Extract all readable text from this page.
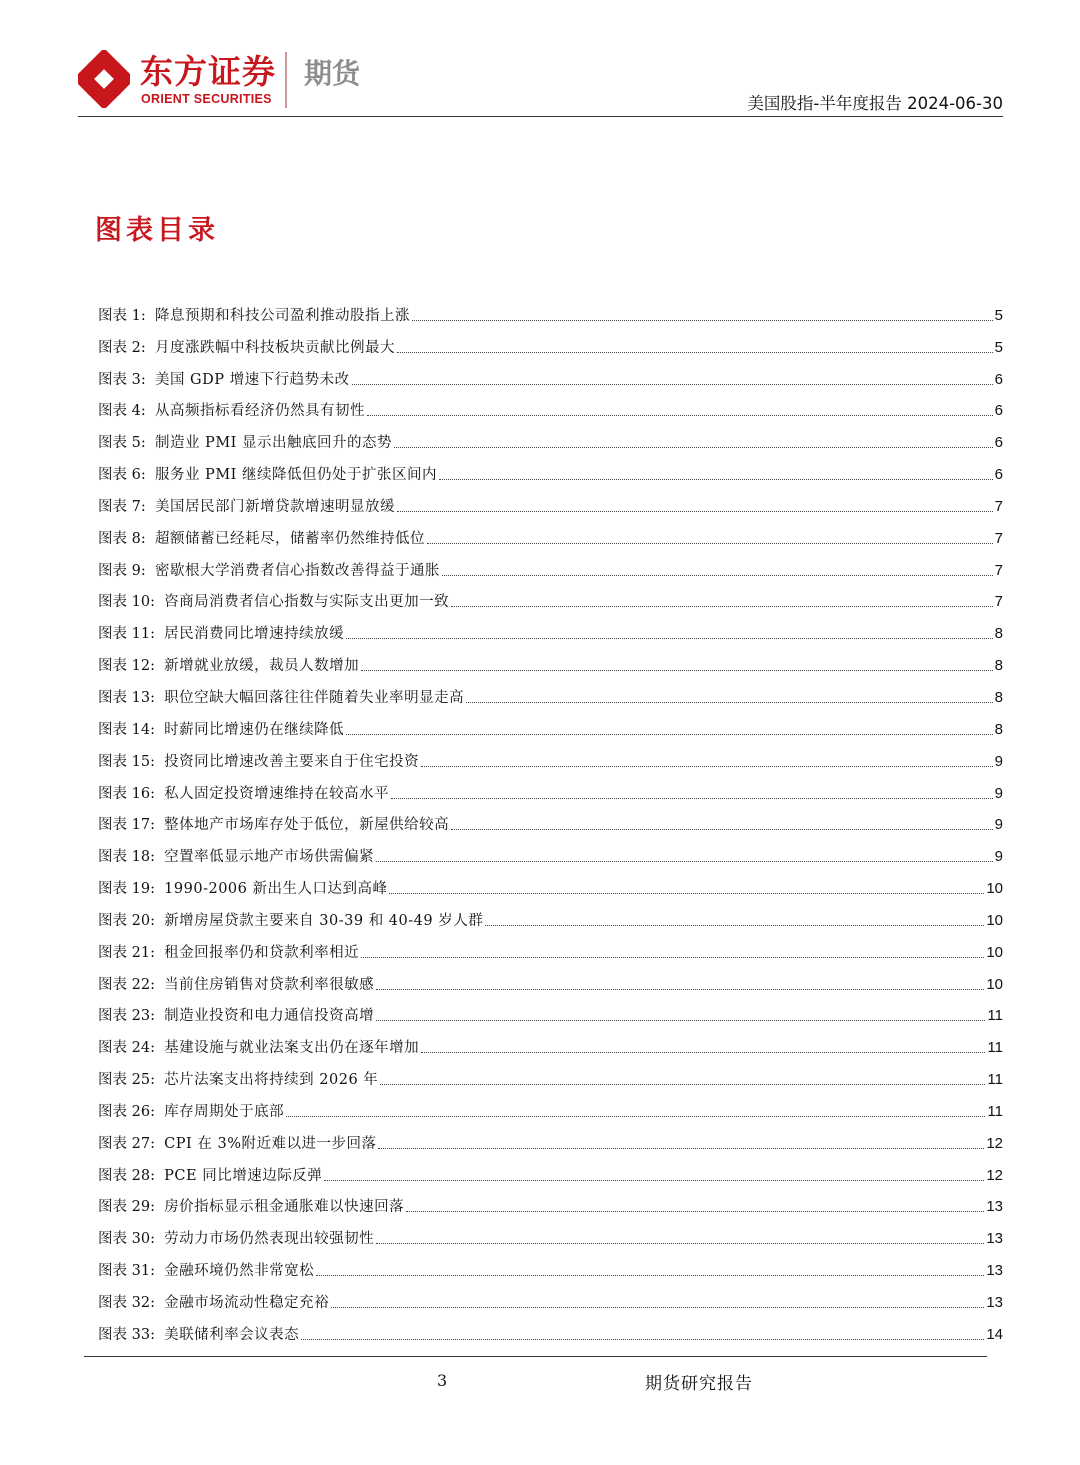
东方证券
ORIENT SECURITIES
期货
美国股指-半年度报告 2024-06-30
图表目录
图表 1 : 降息预期和科技公司盈利推动股指上涨	5
图表 2 : 月度涨跌幅中科技板块贡献比例最大	5
图表 3 : 美国 GDP 增速下行趋势未改	6
图表 4 : 从高频指标看经济仍然具有韧性	6
图表 5 : 制造业 PMI 显示出触底回升的态势	6
图表 6 : 服务业 PMI 继续降低但仍处于扩张区间内	6
图表 7 : 美国居民部门新增贷款增速明显放缓	7
图表 8 : 超额储蓄已经耗尽，储蓄率仍然维持低位	7
图表 9 : 密歇根大学消费者信心指数改善得益于通胀	7
图表 10 : 咨商局消费者信心指数与实际支出更加一致	7
图表 11 : 居民消费同比增速持续放缓	8
图表 12 : 新增就业放缓，裁员人数增加	8
图表 13 : 职位空缺大幅回落往往伴随着失业率明显走高	8
图表 14 : 时薪同比增速仍在继续降低	8
图表 15 : 投资同比增速改善主要来自于住宅投资	9
图表 16 : 私人固定投资增速维持在较高水平	9
图表 17 : 整体地产市场库存处于低位，新屋供给较高	9
图表 18 : 空置率低显示地产市场供需偏紧	9
图表 19 : 1990-2006 新出生人口达到高峰	10
图表 20 : 新增房屋贷款主要来自 30-39 和 40-49 岁人群	10
图表 21 : 租金回报率仍和贷款利率相近	10
图表 22 : 当前住房销售对贷款利率很敏感	10
图表 23 : 制造业投资和电力通信投资高增	11
图表 24 : 基建设施与就业法案支出仍在逐年增加	11
图表 25 : 芯片法案支出将持续到 2026 年	11
图表 26 : 库存周期处于底部	11
图表 27 : CPI 在 3%附近难以进一步回落	12
图表 28 : PCE 同比增速边际反弹	12
图表 29 : 房价指标显示租金通胀难以快速回落	13
图表 30 : 劳动力市场仍然表现出较强韧性	13
图表 31 : 金融环境仍然非常宽松	13
图表 32 : 金融市场流动性稳定充裕	13
图表 33 : 美联储利率会议表态	14
3	期货研究报告
